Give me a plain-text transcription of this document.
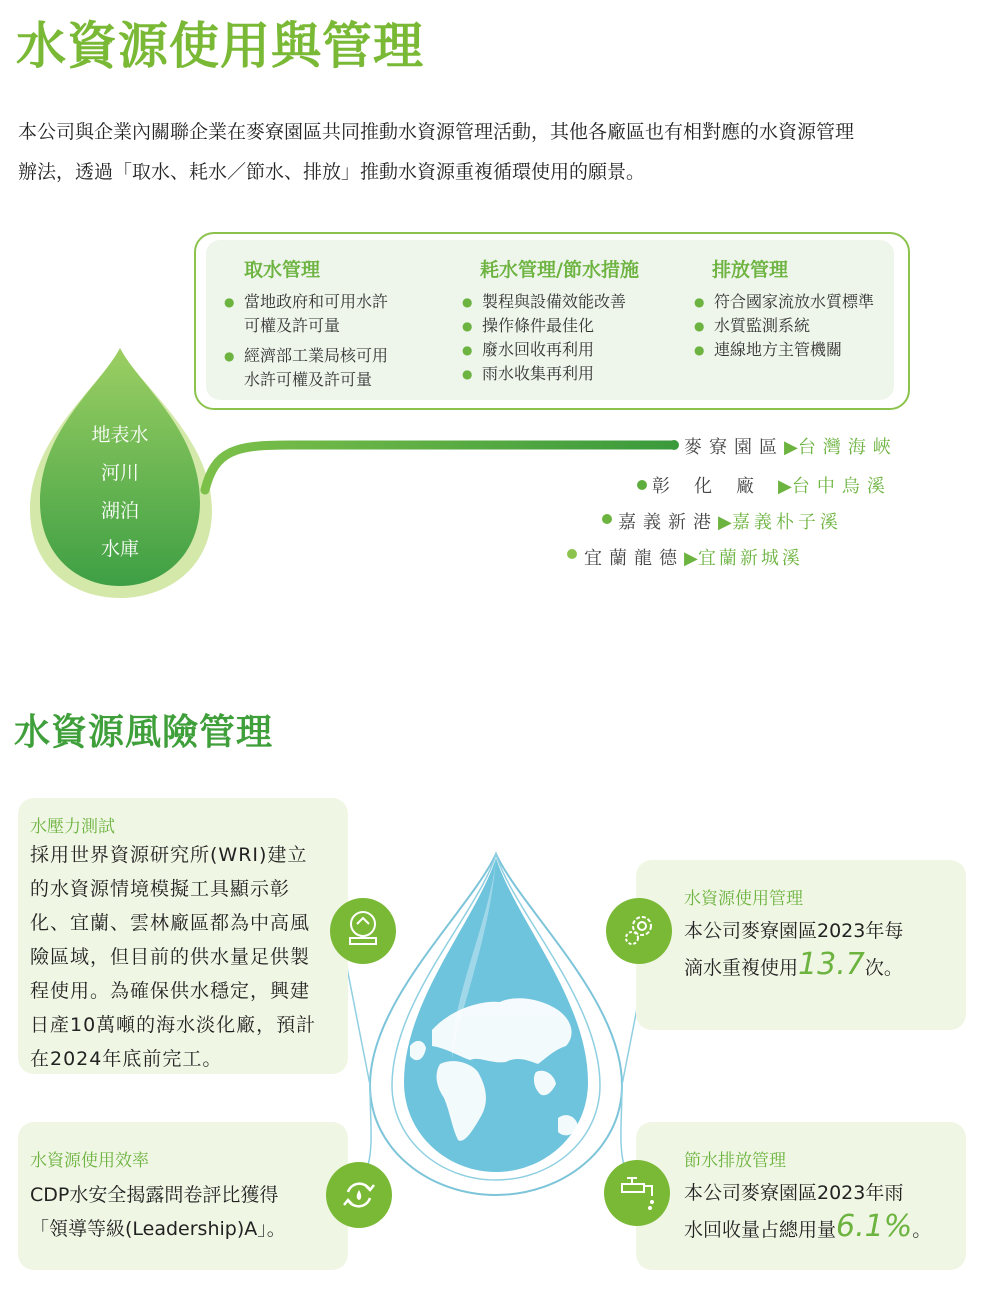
水資源使用與管理

本公司與企業內關聯企業在麥寮園區共同推動水資源管理活動，其他各廠區也有相對應的水資源管理

辦法，透過「取水、耗水／節水、排放」推動水資源重複循環使用的願景。

地表水
河川
湖泊
水庫
麥寮園區▶台灣海峽
彰化廠▶台中烏溪
嘉義新港▶嘉義朴子溪
宜蘭龍德▶宜蘭新城溪
取水管理
● 當地政府和可用水許
可權及許可量
● 經濟部工業局核可用
水許可權及許可量
耗水管理/節水措施
● 製程與設備效能改善
● 操作條件最佳化
● 廢水回收再利用
● 雨水收集再利用
排放管理
● 符合國家流放水質標準
● 水質監測系統
● 連線地方主管機關
水資源風險管理
水壓力測試
採用世界資源研究所(WRI)建立
的水資源情境模擬工具顯示彰
化、宜蘭、雲林廠區都為中高風
險區域，但目前的供水量足供製
程使用。為確保供水穩定，興建
日產10萬噸的海水淡化廠，預計
在2024年底前完工。
水資源使用效率
CDP水安全揭露問卷評比獲得
「領導等級(Leadership)A」。
水資源使用管理
本公司麥寮園區2023年每
滴水重複使用13.7次。
節水排放管理
本公司麥寮園區2023年雨
水回收量占總用量6.1%。
